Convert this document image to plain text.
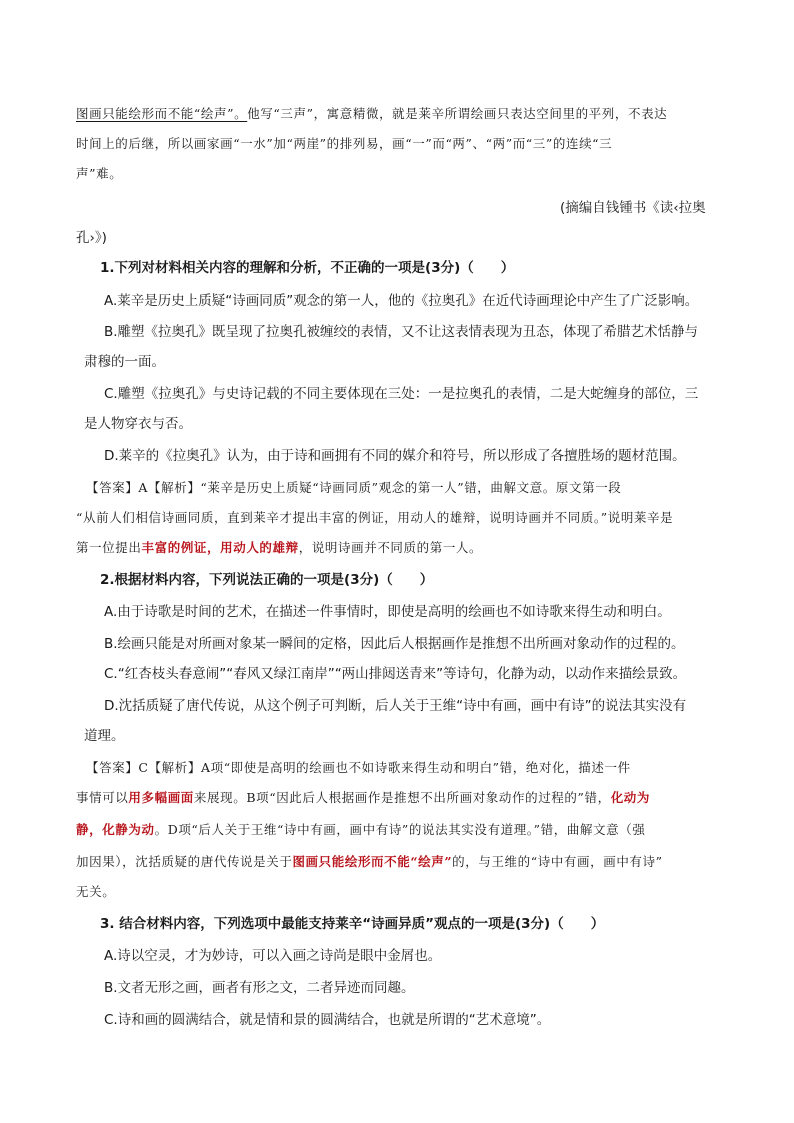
图画只能绘形而不能“绘声”。他写“三声”，寓意精微，就是莱辛所谓绘画只表达空间里的平列，不表达
时间上的后继，所以画家画“一水”加“两崖”的排列易，画“一”而“两”、“两”而“三”的连续“三
声”难。
(摘编自钱锺书《读‹拉奥
孔›》)
1.下列对材料相关内容的理解和分析，不正确的一项是(3分)（　　）
A.莱辛是历史上质疑“诗画同质”观念的第一人，他的《拉奥孔》在近代诗画理论中产生了广泛影响。
B.雕塑《拉奥孔》既呈现了拉奥孔被缠绞的表情，又不让这表情表现为丑态，体现了希腊艺术恬静与
肃穆的一面。
C.雕塑《拉奥孔》与史诗记载的不同主要体现在三处：一是拉奥孔的表情，二是大蛇缠身的部位，三
是人物穿衣与否。
D.莱辛的《拉奥孔》认为，由于诗和画拥有不同的媒介和符号，所以形成了各擅胜场的题材范围。
【答案】A【解析】“莱辛是历史上质疑“诗画同质”观念的第一人”错，曲解文意。原文第一段
“从前人们相信诗画同质，直到莱辛才提出丰富的例证，用动人的雄辩，说明诗画并不同质。”说明莱辛是
第一位提出丰富的例证，用动人的雄辩，说明诗画并不同质的第一人。
2.根据材料内容，下列说法正确的一项是(3分)（　　）
A.由于诗歌是时间的艺术，在描述一件事情时，即使是高明的绘画也不如诗歌来得生动和明白。
B.绘画只能是对所画对象某一瞬间的定格，因此后人根据画作是推想不出所画对象动作的过程的。
C.“红杏枝头春意闹”“春风又绿江南岸”“两山排闼送青来”等诗句，化静为动，以动作来描绘景致。
D.沈括质疑了唐代传说，从这个例子可判断，后人关于王维“诗中有画，画中有诗”的说法其实没有
道理。
【答案】C【解析】A项“即使是高明的绘画也不如诗歌来得生动和明白”错，绝对化，描述一件
事情可以用多幅画面来展现。B项“因此后人根据画作是推想不出所画对象动作的过程的”错，化动为
静，化静为动。D项“后人关于王维“诗中有画，画中有诗”的说法其实没有道理。”错，曲解文意（强
加因果），沈括质疑的唐代传说是关于图画只能绘形而不能“绘声”的，与王维的“诗中有画，画中有诗”
无关。
3. 结合材料内容，下列选项中最能支持莱辛“诗画异质”观点的一项是(3分)（　　）
A.诗以空灵，才为妙诗，可以入画之诗尚是眼中金屑也。
B.文者无形之画，画者有形之文，二者异迹而同趣。
C.诗和画的圆满结合，就是情和景的圆满结合，也就是所谓的“艺术意境”。
